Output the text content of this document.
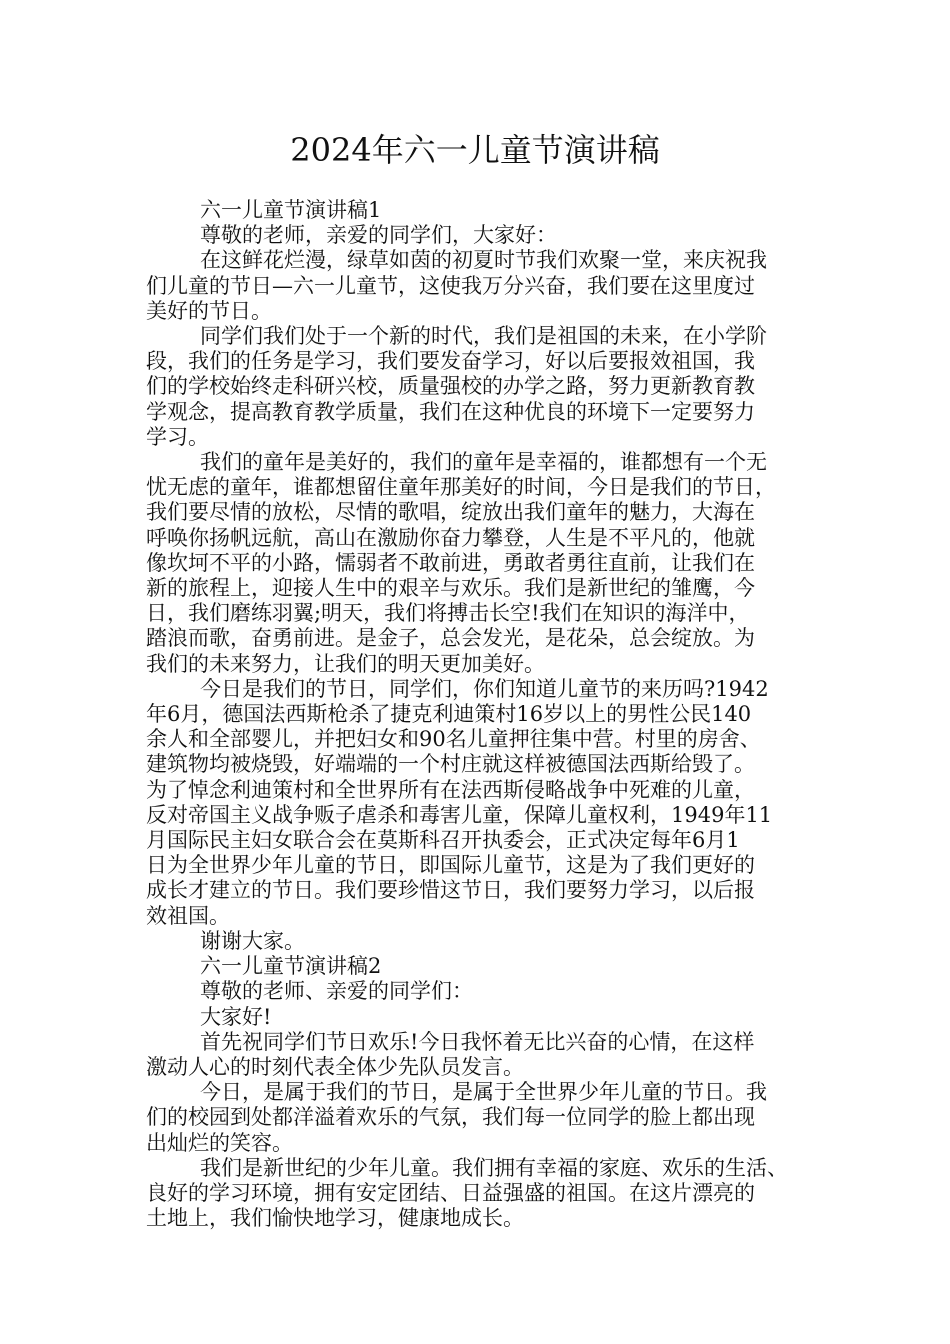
2024年六一儿童节演讲稿

六一儿童节演讲稿1

尊敬的老师，亲爱的同学们，大家好：

在这鲜花烂漫，绿草如茵的初夏时节我们欢聚一堂，来庆祝我

们儿童的节日—六一儿童节，这使我万分兴奋，我们要在这里度过

美好的节日。

同学们我们处于一个新的时代，我们是祖国的未来，在小学阶

段，我们的任务是学习，我们要发奋学习，好以后要报效祖国，我

们的学校始终走科研兴校，质量强校的办学之路，努力更新教育教

学观念，提高教育教学质量，我们在这种优良的环境下一定要努力

学习。

我们的童年是美好的，我们的童年是幸福的，谁都想有一个无

忧无虑的童年，谁都想留住童年那美好的时间，今日是我们的节日，

我们要尽情的放松，尽情的歌唱，绽放出我们童年的魅力，大海在

呼唤你扬帆远航，高山在激励你奋力攀登，人生是不平凡的，他就

像坎坷不平的小路，懦弱者不敢前进，勇敢者勇往直前，让我们在

新的旅程上，迎接人生中的艰辛与欢乐。我们是新世纪的雏鹰，今

日，我们磨练羽翼;明天，我们将搏击长空!我们在知识的海洋中，

踏浪而歌，奋勇前进。是金子，总会发光，是花朵，总会绽放。为

我们的未来努力，让我们的明天更加美好。

今日是我们的节日，同学们，你们知道儿童节的来历吗?1942

年6月，德国法西斯枪杀了捷克利迪策村16岁以上的男性公民140

余人和全部婴儿，并把妇女和90名儿童押往集中营。村里的房舍、

建筑物均被烧毁，好端端的一个村庄就这样被德国法西斯给毁了。

为了悼念利迪策村和全世界所有在法西斯侵略战争中死难的儿童，

反对帝国主义战争贩子虐杀和毒害儿童，保障儿童权利，1949年11

月国际民主妇女联合会在莫斯科召开执委会，正式决定每年6月1

日为全世界少年儿童的节日，即国际儿童节，这是为了我们更好的

成长才建立的节日。我们要珍惜这节日，我们要努力学习，以后报

效祖国。

谢谢大家。

六一儿童节演讲稿2

尊敬的老师、亲爱的同学们：

大家好!

首先祝同学们节日欢乐!今日我怀着无比兴奋的心情，在这样

激动人心的时刻代表全体少先队员发言。

今日，是属于我们的节日，是属于全世界少年儿童的节日。我

们的校园到处都洋溢着欢乐的气氛，我们每一位同学的脸上都出现

出灿烂的笑容。

我们是新世纪的少年儿童。我们拥有幸福的家庭、欢乐的生活、

良好的学习环境，拥有安定团结、日益强盛的祖国。在这片漂亮的

土地上，我们愉快地学习，健康地成长。
